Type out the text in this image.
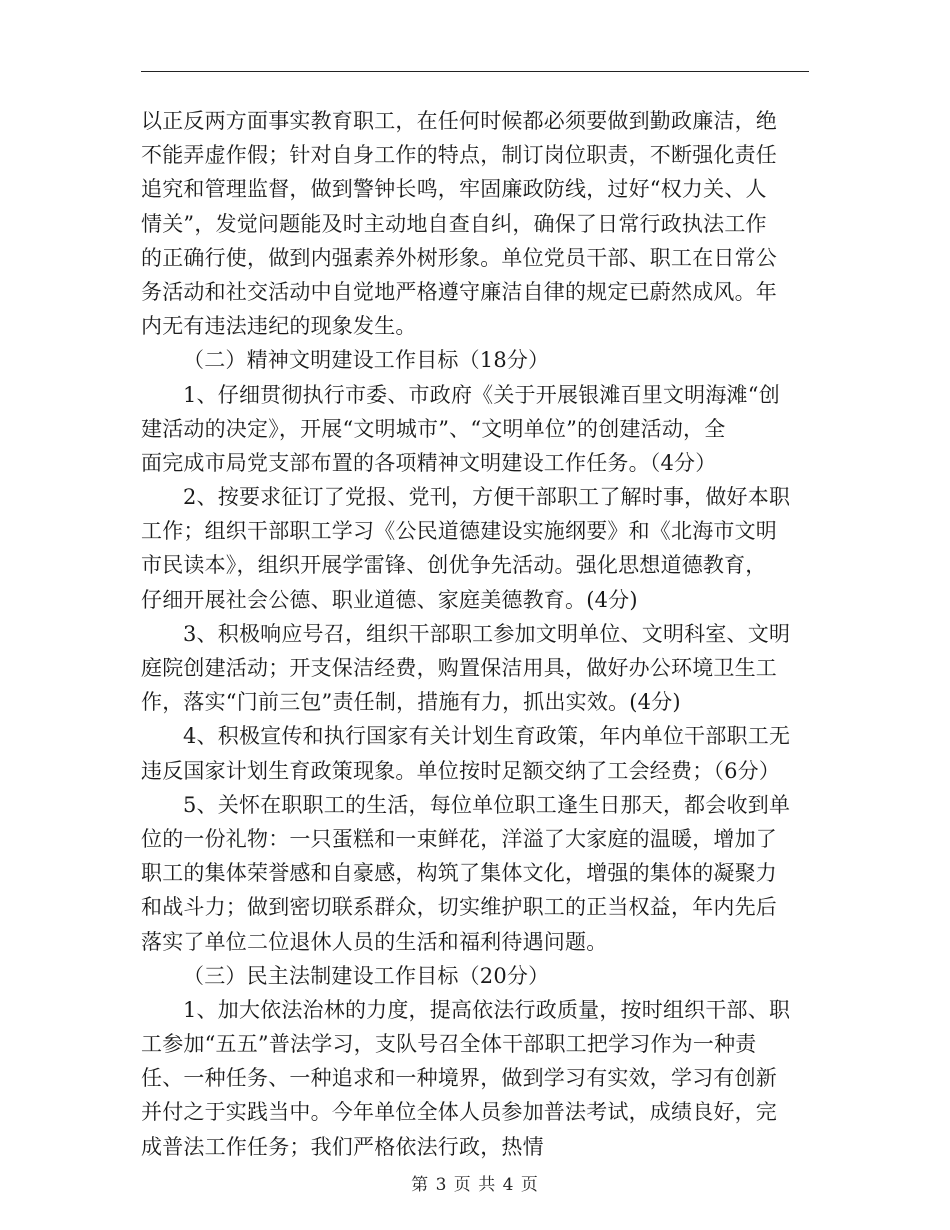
以正反两方面事实教育职工，在任何时候都必须要做到勤政廉洁，绝
不能弄虚作假；针对自身工作的特点，制订岗位职责，不断强化责任
追究和管理监督，做到警钟长鸣，牢固廉政防线，过好“权力关、人
情关”，发觉问题能及时主动地自查自纠，确保了日常行政执法工作
的正确行使，做到内强素养外树形象。单位党员干部、职工在日常公
务活动和社交活动中自觉地严格遵守廉洁自律的规定已蔚然成风。年
内无有违法违纪的现象发生。
（二）精神文明建设工作目标（18分）
1、仔细贯彻执行市委、市政府《关于开展银滩百里文明海滩“创
建活动的决定》，开展“文明城市”、“文明单位”的创建活动，全
面完成市局党支部布置的各项精神文明建设工作任务。（4分）
2、按要求征订了党报、党刊，方便干部职工了解时事，做好本职
工作；组织干部职工学习《公民道德建设实施纲要》和《北海市文明
市民读本》，组织开展学雷锋、创优争先活动。强化思想道德教育，
仔细开展社会公德、职业道德、家庭美德教育。(4分)
3、积极响应号召，组织干部职工参加文明单位、文明科室、文明
庭院创建活动；开支保洁经费，购置保洁用具，做好办公环境卫生工
作，落实“门前三包”责任制，措施有力，抓出实效。(4分)
4、积极宣传和执行国家有关计划生育政策，年内单位干部职工无
违反国家计划生育政策现象。单位按时足额交纳了工会经费；（6分）
5、关怀在职职工的生活，每位单位职工逢生日那天，都会收到单
位的一份礼物：一只蛋糕和一束鲜花，洋溢了大家庭的温暖，增加了
职工的集体荣誉感和自豪感，构筑了集体文化，增强的集体的凝聚力
和战斗力；做到密切联系群众，切实维护职工的正当权益，年内先后
落实了单位二位退休人员的生活和福利待遇问题。
（三）民主法制建设工作目标（20分）
1、加大依法治林的力度，提高依法行政质量，按时组织干部、职
工参加“五五”普法学习，支队号召全体干部职工把学习作为一种责
任、一种任务、一种追求和一种境界，做到学习有实效，学习有创新
并付之于实践当中。今年单位全体人员参加普法考试，成绩良好，完
成普法工作任务；我们严格依法行政，热情
第 3 页 共 4 页
